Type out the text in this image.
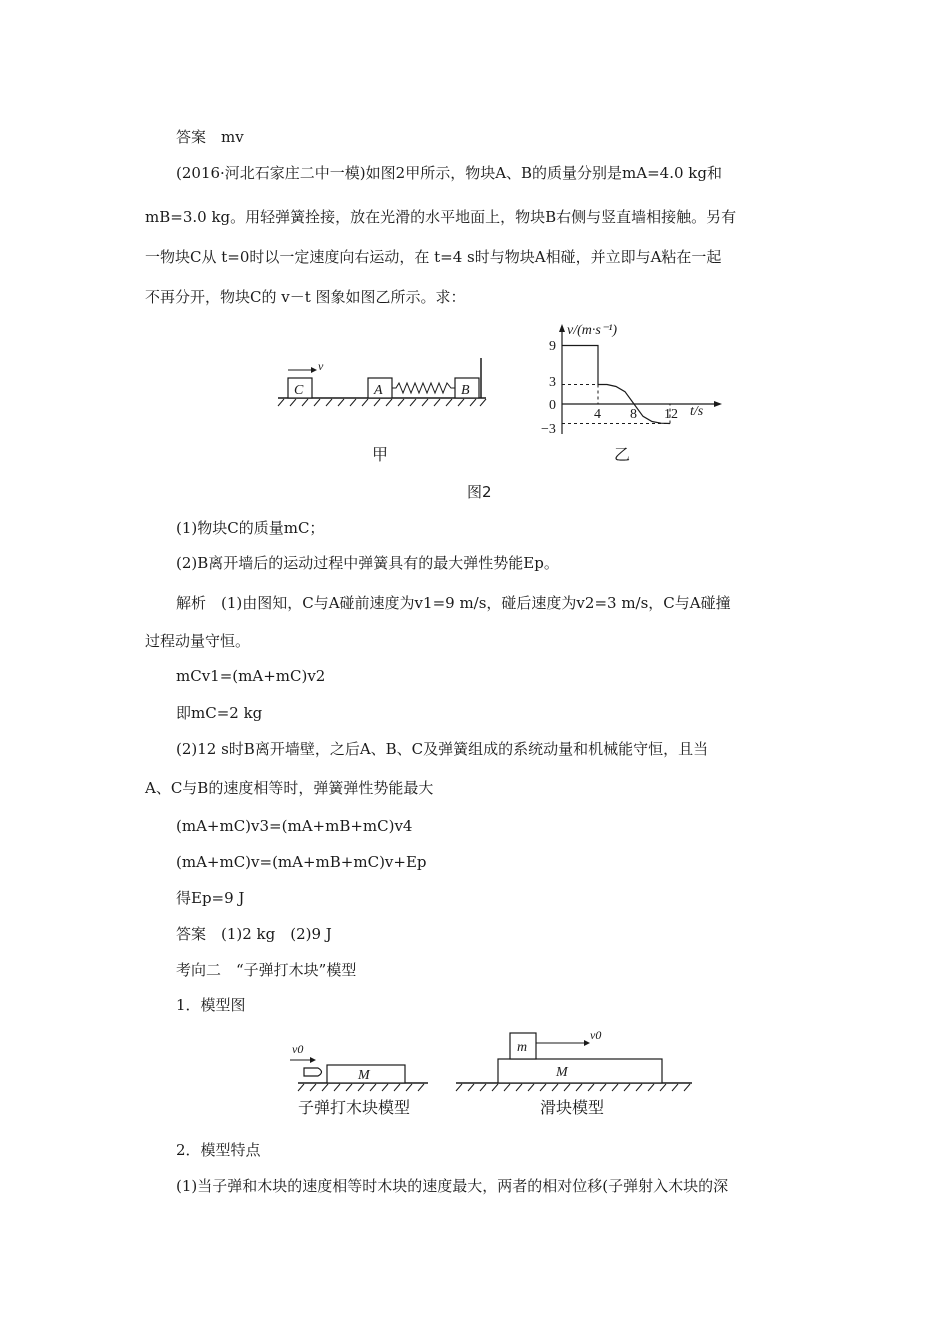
答案　mv
(2016·河北石家庄二中一模)如图2甲所示，物块A、B的质量分别是mA=4.0 kg和
mB=3.0 kg。用轻弹簧拴接，放在光滑的水平地面上，物块B右侧与竖直墙相接触。另有
一物块C从 t=0时以一定速度向右运动，在 t=4 s时与物块A相碰，并立即与A粘在一起
不再分开，物块C的 v－t 图象如图乙所示。求：
C
v
A	B
甲
v/(m·s⁻¹)
t/s
9
3
0
−3
4 8 12
乙
图2
(1)物块C的质量mC；
(2)B离开墙后的运动过程中弹簧具有的最大弹性势能Ep。
解析　(1)由图知，C与A碰前速度为v1=9 m/s，碰后速度为v2=3 m/s，C与A碰撞
过程动量守恒。
mCv1=(mA+mC)v2
即mC=2 kg
(2)12 s时B离开墙壁，之后A、B、C及弹簧组成的系统动量和机械能守恒，且当
A、C与B的速度相等时，弹簧弹性势能最大
(mA+mC)v3=(mA+mB+mC)v4
(mA+mC)v=(mA+mB+mC)v+Ep
得Ep=9 J
答案　(1)2 kg　(2)9 J
考向二　“子弹打木块”模型
1．模型图
M
v0
子弹打木块模型
M
m
v0
滑块模型
2．模型特点
(1)当子弹和木块的速度相等时木块的速度最大，两者的相对位移(子弹射入木块的深
